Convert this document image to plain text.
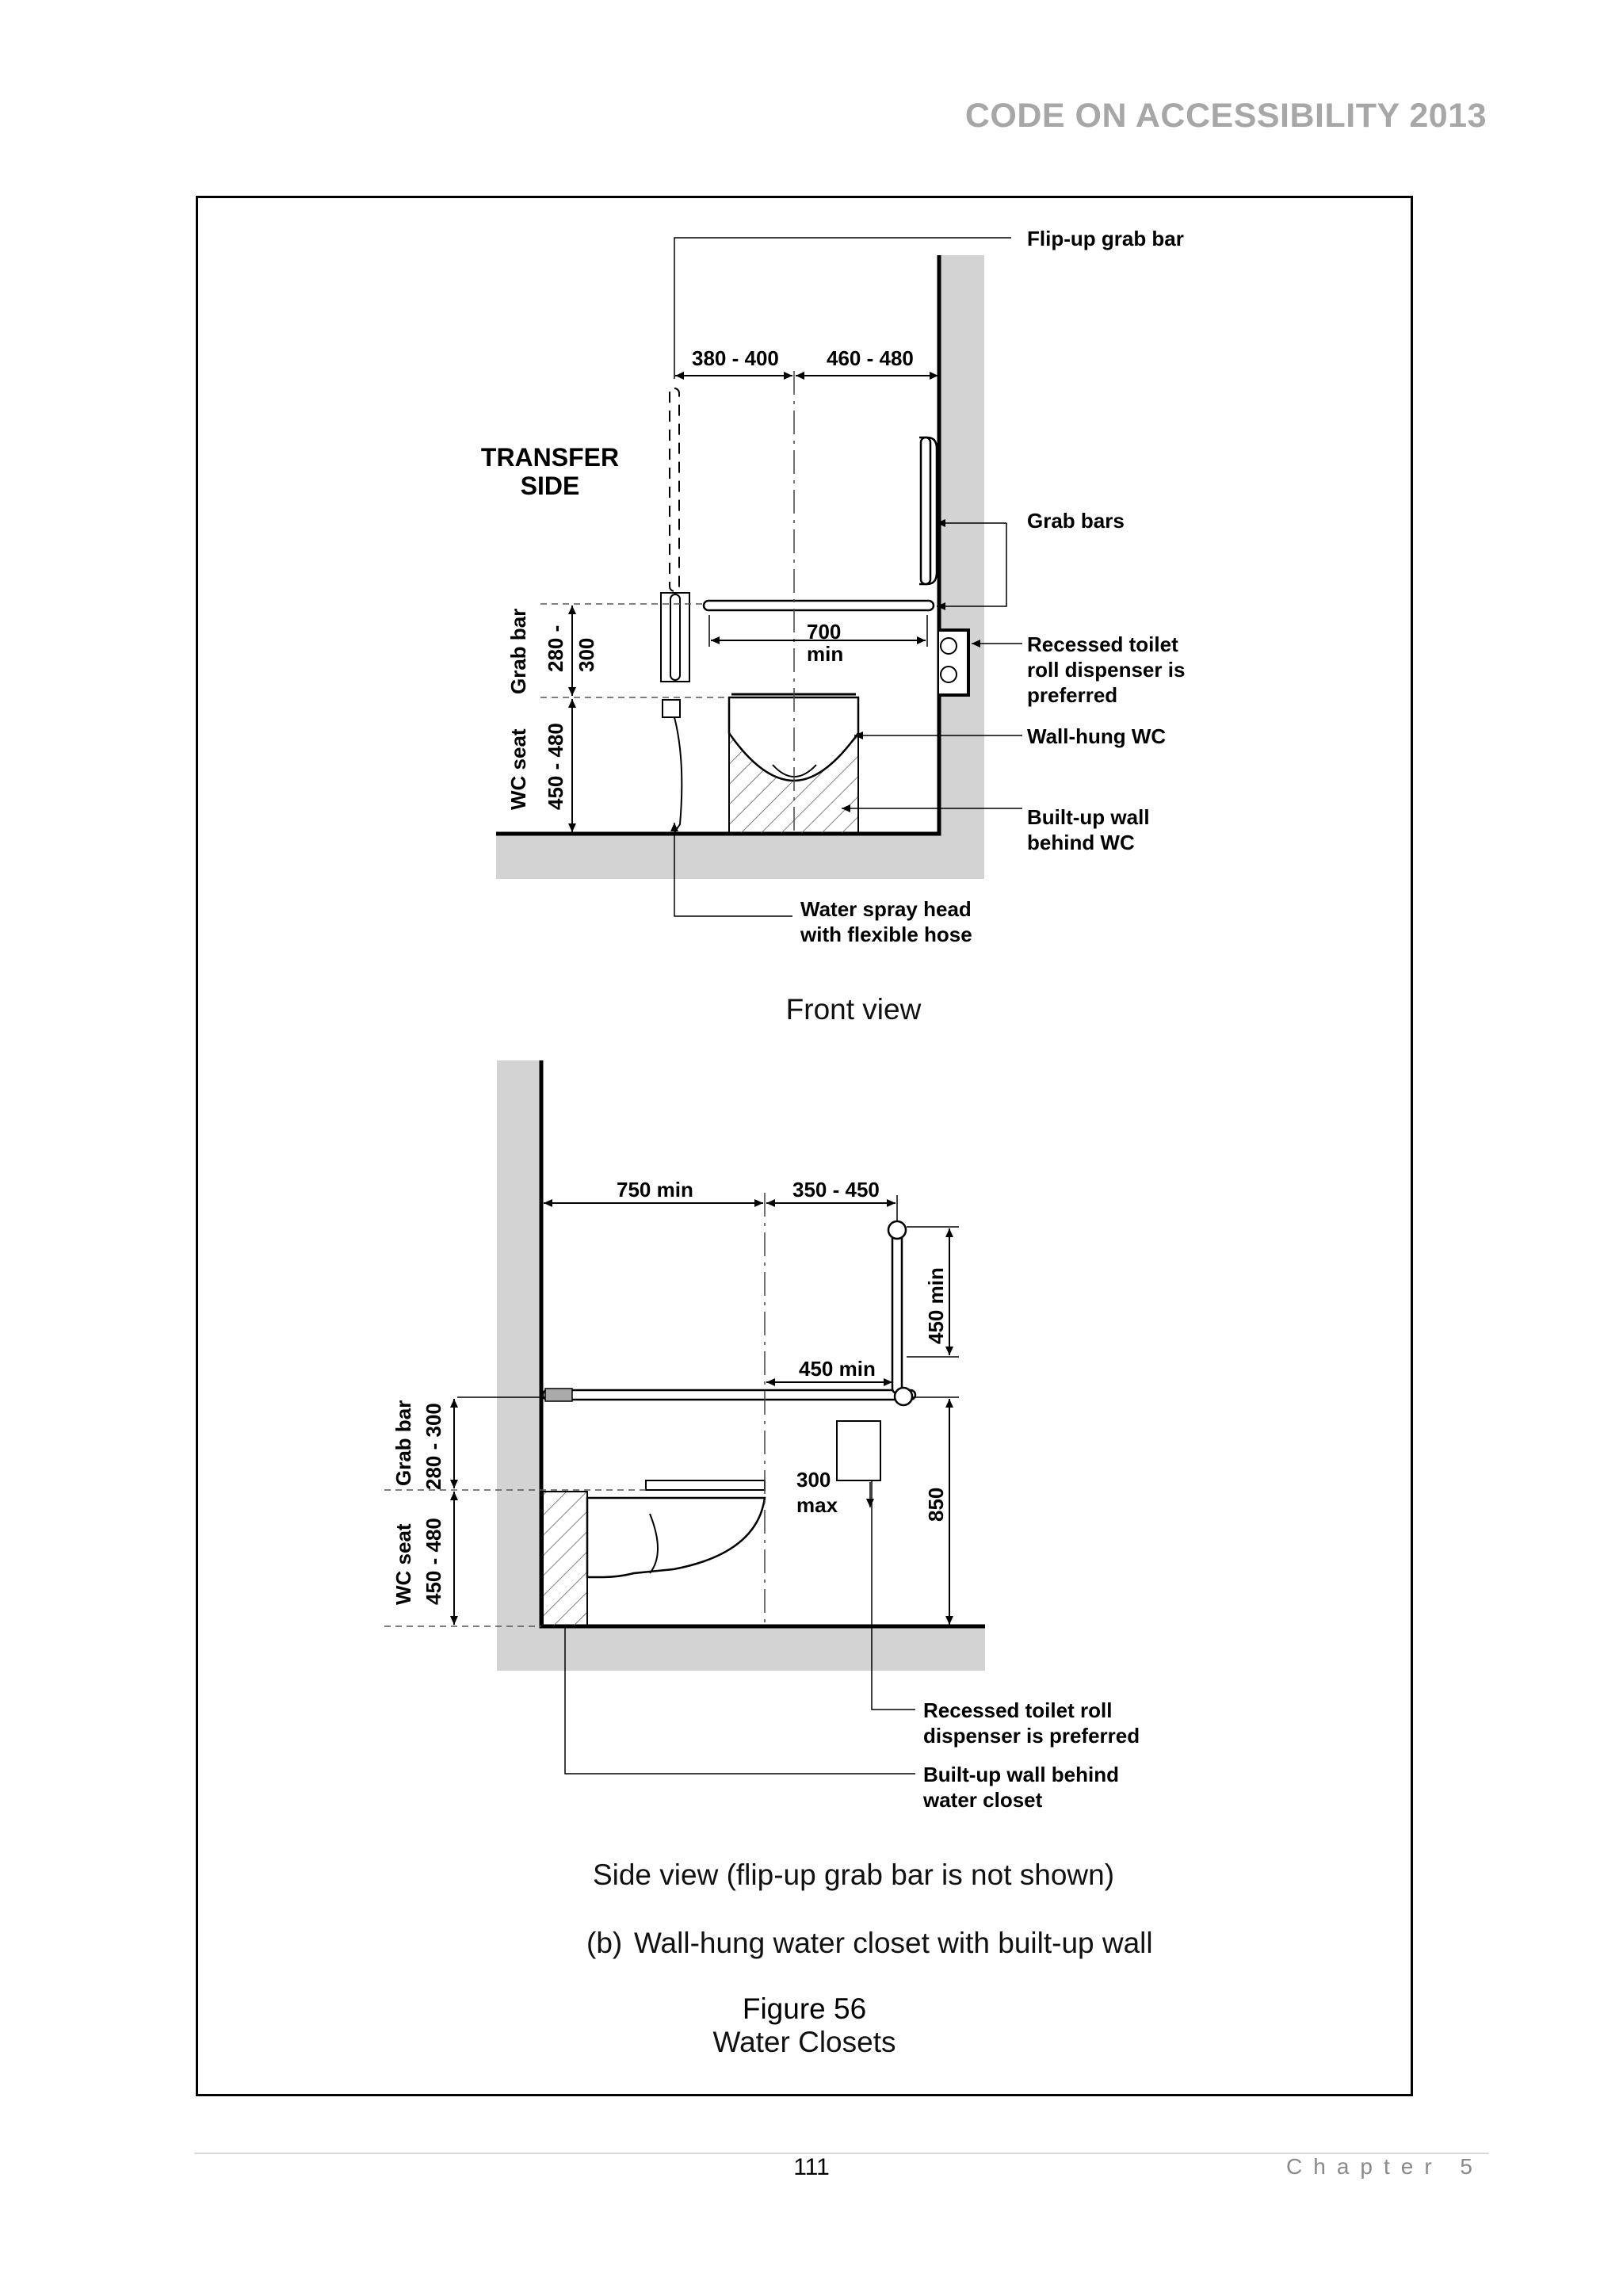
CODE ON ACCESSIBILITY 2013
380 - 400 460 - 480
700
min
TRANSFER
SIDE
Grab bar 280 - 300
WC seat 450 - 480
Flip-up grab bar
Grab bars
Recessed toilet
roll dispenser is
preferred
Wall-hung WC
Built-up wall
behind WC
Water spray head
with flexible hose
Front view
750 min	350 - 450
450 min
450 min
300
max	850
Grab bar 280 - 300
WC seat 450 - 480
Recessed toilet roll
dispenser is preferred
Built-up wall behind
water closet
Side view (flip-up grab bar is not shown)
(b) Wall-hung water closet with built-up wall
Figure 56
Water Closets
111	Chapter 5
